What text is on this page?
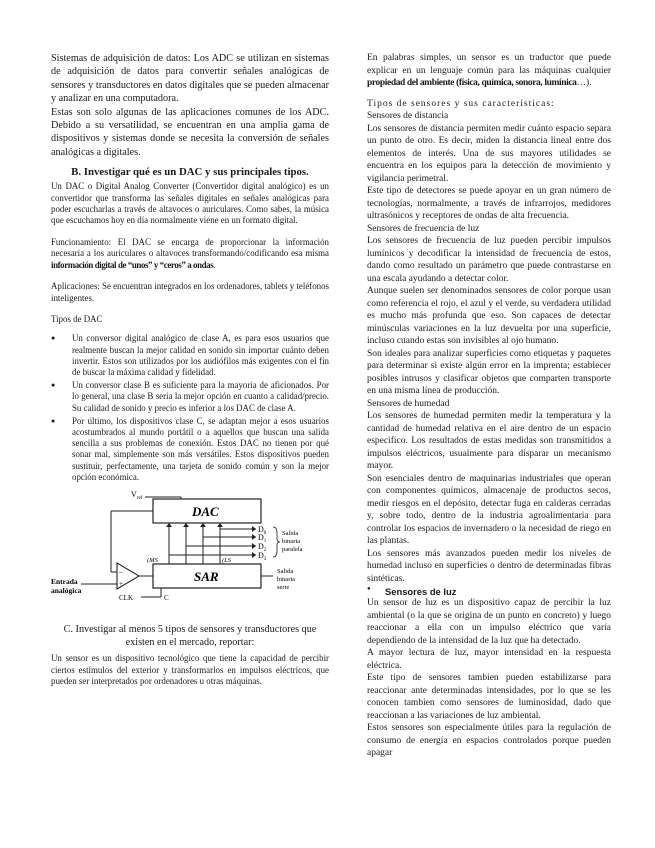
Sistemas de adquisición de datos: Los ADC se utilizan en sistemas de adquisición de datos para convertir señales analógicas de sensores y transductores en datos digitales que se pueden almacenar y analizar en una computadora.

Estas son solo algunas de las aplicaciones comunes de los ADC. Debido a su versatilidad, se encuentran en una amplia gama de dispositivos y sistemas donde se necesita la conversión de señales analógicas a digitales.

B. Investigar qué es un DAC y sus principales tipos.

Un DAC o Digital Analog Converter (Convertidor digital analógico) es un convertidor que transforma las señales digitales en señales analógicas para poder escucharlas a través de altavoces o auriculares. Como sabes, la música que escuchamos hoy en día normalmente viene en un formato digital.

Funcionamiento: El DAC se encarga de proporcionar la información necesaria a los auriculares o altavoces transformando/codificando esa misma información digital de “unos” y “ceros” a ondas.

Aplicaciones: Se encuentran integrados en los ordenadores, tablets y teléfonos inteligentes.

Tipos de DAC

● Un conversor digital analógico de clase A, es para esos usuarios que realmente buscan la mejor calidad en sonido sin importar cuánto deben invertir. Estos son utilizados por los audiófilos más exigentes con el fin de buscar la máxima calidad y fidelidad.
● Un conversor clase B es suficiente para la mayoría de aficionados. Por lo general, una clase B sería la mejor opción en cuanto a calidad/precio. Su calidad de sonido y precio es inferior a los DAC de clase A.
● Por último, los dispositivos clase C, se adaptan mejor a esos usuarios acostumbrados al mundo portátil o a aquellos que buscan una salida sencilla a sus problemas de conexión. Estos DAC no tienen por qué sonar mal, simplemente son más versátiles. Estos dispositivos pueden sustituir, perfectamente, una tarjeta de sonido común y son la mejor opción económica.
DAC
$V_{ref}$
$D_0$
$D_1$
$D_2$
$D_3$
Salida
binaria
paralela
(MS	(LS
SAR	Salida
binaria
serie
–
+
Entrada
analógica
CLK	C

C. Investigar al menos 5 tipos de sensores y transductores que existen en el mercado, reportar:

Un sensor es un dispositivo tecnológico que tiene la capacidad de percibir ciertos estímulos del exterior y transformarlos en impulsos eléctricos, que pueden ser interpretados por ordenadores u otras máquinas.

En palabras simples, un sensor es un traductor que puede explicar en un lenguaje común para las máquinas cualquier propiedad del ambiente (física, química, sonora, lumínica…).

Tipos de sensores y sus características:

Sensores de distancia

Los sensores de distancia permiten medir cuánto espacio separa un punto de otro. Es decir, miden la distancia lineal entre dos elementos de interés. Una de sus mayores utilidades se encuentra en los equipos para la detección de movimiento y vigilancia perimetral.

Este tipo de detectores se puede apoyar en un gran número de tecnologías, normalmente, a través de infrarrojos, medidores ultrasónicos y receptores de ondas de alta frecuencia.

Sensores de frecuencia de luz

Los sensores de frecuencia de luz pueden percibir impulsos lumínicos y decodificar la intensidad de frecuencia de estos, dando como resultado un parámetro que puede contrastarse en una escala ayudando a detectar color.

Aunque suelen ser denominados sensores de color porque usan como referencia el rojo, el azul y el verde, su verdadera utilidad es mucho más profunda que eso. Son capaces de detectar minúsculas variaciones en la luz devuelta por una superficie, incluso cuando estas son invisibles al ojo humano.

Son ideales para analizar superficies como etiquetas y paquetes para determinar si existe algún error en la imprenta; establecer posibles intrusos y clasificar objetos que comparten transporte en una misma línea de producción.

Sensores de humedad

Los sensores de humedad permiten medir la temperatura y la cantidad de humedad relativa en el aire dentro de un espacio específico. Los resultados de estas medidas son transmitidos a impulsos eléctricos, usualmente para disparar un mecanismo mayor.

Son esenciales dentro de maquinarias industriales que operan con componentes químicos, almacenaje de productos secos, medir riesgos en el depósito, detectar fuga en calderas cerradas y, sobre todo, dentro de la industria agroalimentaria para controlar los espacios de invernadero o la necesidad de riego en las plantas.

Los sensores más avanzados pueden medir los niveles de humedad incluso en superficies o dentro de determinadas fibras sintéticas.

● Sensores de luz

Un sensor de luz es un dispositivo capaz de percibir la luz ambiental (o la que se origina de un punto en concreto) y luego reaccionar a ella con un impulso eléctrico que varía dependiendo de la intensidad de la luz que ha detectado.

A mayor lectura de luz, mayor intensidad en la respuesta eléctrica.

Este tipo de sensores tambien pueden estabilizarse para reaccionar ante determinadas intensidades, por lo que se les conocen tambien como sensores de luminosidad, dado que reaccionan a las variaciones de luz ambiental.

Estos sensores son especialmente útiles para la regulación de consumo de energía en espacios controlados porque pueden apagar
